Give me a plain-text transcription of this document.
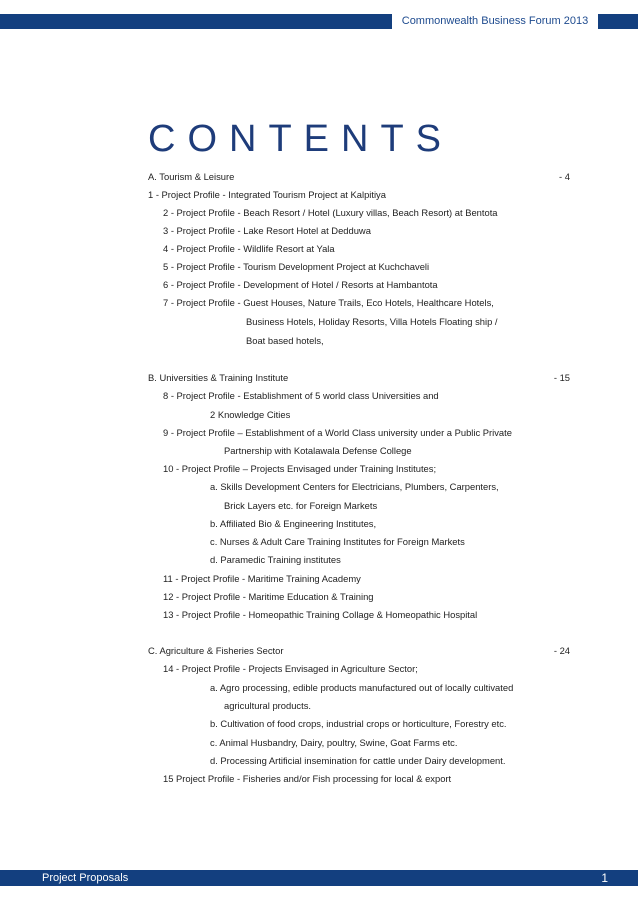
Commonwealth Business Forum 2013
CONTENTS
A. Tourism & Leisure	- 4
1 - Project Profile - Integrated Tourism Project at Kalpitiya
2 - Project Profile - Beach Resort / Hotel (Luxury villas, Beach Resort) at Bentota
3 - Project Profile - Lake Resort Hotel at Dedduwa
4 - Project Profile - Wildlife Resort at Yala
5 - Project Profile - Tourism Development Project at Kuchchaveli
6 - Project Profile - Development of Hotel / Resorts at Hambantota
7 - Project Profile - Guest Houses, Nature Trails, Eco Hotels, Healthcare Hotels,
Business Hotels, Holiday Resorts, Villa Hotels Floating ship /
Boat based hotels,
B. Universities & Training Institute	- 15
8 - Project Profile - Establishment of 5 world class Universities and
2 Knowledge Cities
9 - Project Profile – Establishment of a World Class university under a Public Private
Partnership with Kotalawala Defense College
10 - Project Profile – Projects Envisaged under Training Institutes;
a. Skills Development Centers for Electricians, Plumbers, Carpenters,
Brick Layers etc. for Foreign Markets
b. Affiliated Bio & Engineering Institutes,
c. Nurses & Adult Care Training Institutes for Foreign Markets
d. Paramedic Training institutes
11 - Project Profile - Maritime Training Academy
12 - Project Profile - Maritime Education & Training
13 - Project Profile - Homeopathic Training Collage & Homeopathic Hospital
C. Agriculture & Fisheries Sector	- 24
14 - Project Profile - Projects Envisaged in Agriculture Sector;
a. Agro processing, edible products manufactured out of locally cultivated
agricultural products.
b. Cultivation of food crops, industrial crops or horticulture, Forestry etc.
c. Animal Husbandry, Dairy, poultry, Swine, Goat Farms etc.
d. Processing Artificial insemination for cattle under Dairy development.
15 Project Profile - Fisheries and/or Fish processing for local & export
Project Proposals	1
